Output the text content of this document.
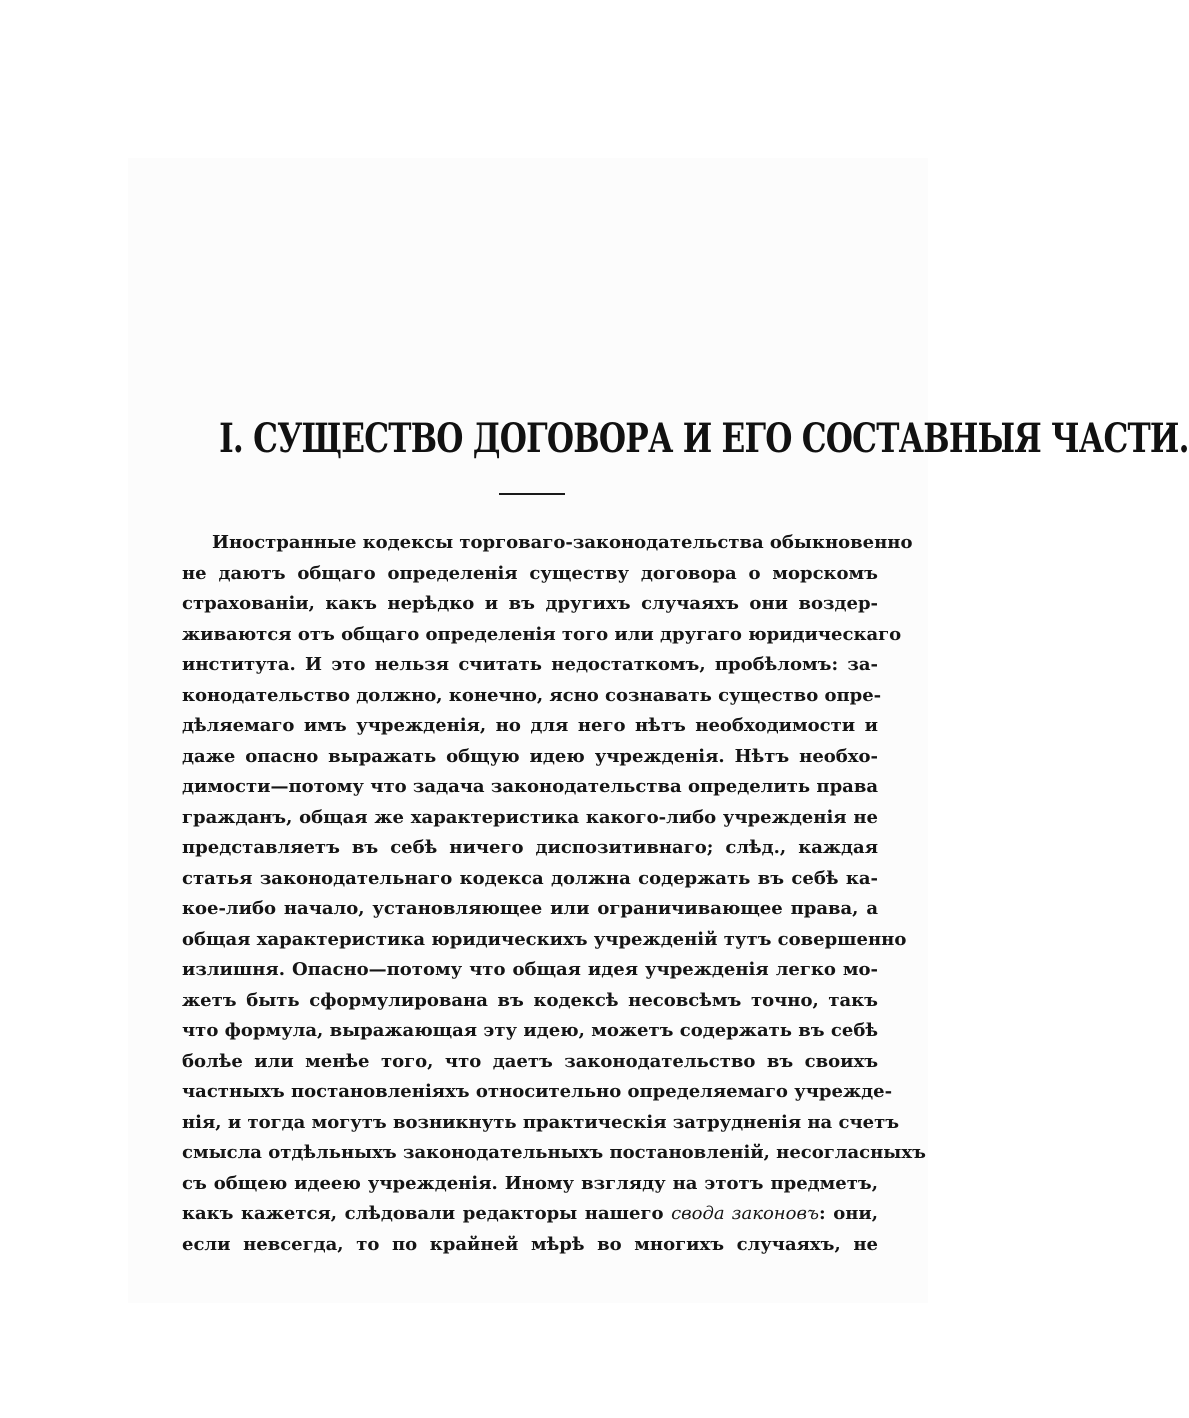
I. СУЩЕСТВО ДОГОВОРА И ЕГО СОСТАВНЫЯ ЧАСТИ.
Иностранные кодексы торговаго-законодательства обыкновенно
не даютъ общаго определенія существу договора о морскомъ
страхованіи, какъ нерѣдко и въ другихъ случаяхъ они воздер-
живаются отъ общаго определенія того или другаго юридическаго
института. И это нельзя считать недостаткомъ, пробѣломъ: за-
конодательство должно, конечно, ясно сознавать существо опре-
дѣляемаго имъ учрежденія, но для него нѣтъ необходимости и
даже опасно выражать общую идею учрежденія. Нѣтъ необхо-
димости—потому что задача законодательства определить права
гражданъ, общая же характеристика какого-либо учрежденія не
представляетъ въ себѣ ничего диспозитивнаго; слѣд., каждая
статья законодательнаго кодекса должна содержать въ себѣ ка-
кое-либо начало, установляющее или ограничивающее права, а
общая характеристика юридическихъ учрежденій тутъ совершенно
излишня. Опасно—потому что общая идея учрежденія легко мо-
жетъ быть сформулирована въ кодексѣ несовсѣмъ точно, такъ
что формула, выражающая эту идею, можетъ содержать въ себѣ
болѣе или менѣе того, что даетъ законодательство въ своихъ
частныхъ постановленіяхъ относительно определяемаго учрежде-
нія, и тогда могутъ возникнуть практическія затрудненія на счетъ
смысла отдѣльныхъ законодательныхъ постановленій, несогласныхъ
съ общею идеею учрежденія. Иному взгляду на этотъ предметъ,
какъ кажется, слѣдовали редакторы нашего свода законовъ: они,
если невсегда, то по крайней мѣрѣ во многихъ случаяхъ, не
